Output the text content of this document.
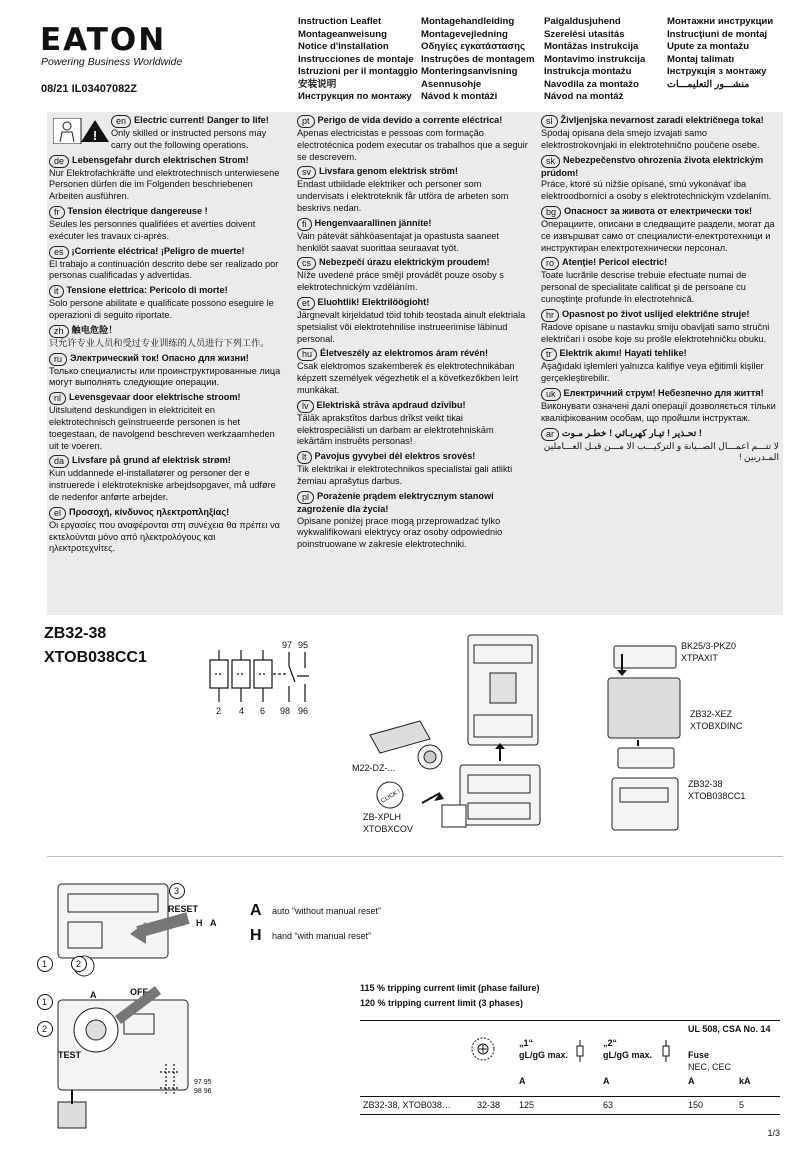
EATON
Powering Business Worldwide
08/21 IL03407082Z
Instruction Leaflet
Montageanweisung
Notice d'installation
Instrucciones de montaje
Istruzioni per il montaggio
安装说明
Инструкция по монтажу
Montagehandleiding
Montagevejledning
Οδηγίες εγκατάστασης
Instruções de montagem
Monteringsanvisning
Asennusohje
Návod k montáži
Paigaldusjuhend
Szerelési utasítás
Montāžas instrukcija
Montavimo instrukcija
Instrukcja montażu
Navodila za montažo
Návod na montáž
Монтажни инструкции
Instrucţiuni de montaj
Upute za montažu
Montaj talimatı
Інструкція з монтажу
منشـــور التعليمـــات
!
en Electric current! Danger to life!
Only skilled or instructed persons may carry out the following operations.
de Lebensgefahr durch elektrischen Strom!
Nur Elektrofachkräfte und elektrotechnisch unterwiesene Personen dürfen die im Folgenden beschriebenen Arbeiten ausführen.
fr Tension électrique dangereuse !
Seules les personnes qualifiées et averties doivent exécuter les travaux ci-après.
es ¡Corriente eléctrica! ¡Peligro de muerte!
El trabajo a continuación descrito debe ser realizado por personas cualificadas y advertidas.
it Tensione elettrica: Pericolo di morte!
Solo persone abilitate e qualificate possono eseguire le operazioni di seguito riportate.
zh 触电危险！
只允许专业人员和受过专业训练的人员进行下列工作。
ru Электрический ток! Опасно для жизни!
Только специалисты или проинструктированные лица могут выполнять следующие операции.
nl Levensgevaar door elektrische stroom!
Uitsluitend deskundigen in elektriciteit en elektrotechnisch geïnstrueerde personen is het toegestaan, de navolgend beschreven werkzaamheden uit te voeren.
da Livsfare på grund af elektrisk strøm!
Kun uddannede el-installatører og personer der e instruerede i elektrotekniske arbejdsopgaver, må udføre de nedenfor anførte arbejder.
el Προσοχή, κίνδυνος ηλεκτροπληξίας!
Οι εργασίες που αναφέρονται στη συνέχεια θα πρέπει να εκτελούνται μόνο από ηλεκτρολόγους και ηλεκτροτεχνίτες.
pt Perigo de vida devido a corrente eléctrica!
Apenas electricistas e pessoas com formação electrotécnica podem executar os trabalhos que a seguir se descrevem.
sv Livsfara genom elektrisk ström!
Endast utbildade elektriker och personer som undervisats i elektroteknik får utföra de arbeten som beskrivs nedan.
fi Hengenvaarallinen jännite!
Vain pätevät sähköasentajat ja opastusta saaneet henkilöt saavat suorittaa seuraavat työt.
cs Nebezpečí úrazu elektrickým proudem!
Níže uvedené práce smějí provádět pouze osoby s elektrotechnickým vzděláním.
et Eluohtlik! Elektrilöögioht!
Järgnevalt kirjeldatud töid tohib teostada ainult elektriala spetsialist või elektrotehnilise instrueerimise läbinud personal.
hu Életveszély az elektromos áram révén!
Csak elektromos szakemberek és elektrotechnikában képzett személyek végezhetik el a következőkben leírt munkákat.
lv Elektriskā strāva apdraud dzīvību!
Tālāk aprakstītos darbus drīkst veikt tikai elektrospeciālisti un darbam ar elektrotehniskām iekārtām instruēts personas!
lt Pavojus gyvybei dėl elektros srovės!
Tik elektrikai ir elektrotechnikos specialistai gali atlikti žemiau aprašytus darbus.
pl Porażenie prądem elektrycznym stanowi zagrożenie dla życia!
Opisane poniżej prace mogą przeprowadzać tylko wykwalifikowani elektrycy oraz osoby odpowiednio poinstruowane w zakresie elektrotechniki.
sl Življenjska nevarnost zaradi električnega toka!
Spodaj opisana dela smejo izvajati samo elektrostrokovnjaki in elektrotehnično poučene osebe.
sk Nebezpečenstvo ohrozenia života elektrickým prúdom!
Práce, ktoré sú nižšie opísané, smú vykonávať iba elektroodborníci a osoby s elektrotechnickým vzdelaním.
bg Опасност за живота от електрически ток!
Операциите, описани в следващите раздели, могат да се извършват само от специалисти-електротехници и инструктиран електротехнически персонал.
ro Atenţie! Pericol electric!
Toate lucrările descrise trebuie efectuate numai de personal de specialitate calificat şi de persoane cu cunoştinţe profunde în electrotehnică.
hr Opasnost po život uslijed električne struje!
Radove opisane u nastavku smiju obavljati samo stručni električari i osobe koje su prošle elektrotehničku obuku.
tr Elektrik akımı! Hayati tehlike!
Aşağıdaki işlemleri yalnızca kalifiye veya eğitimli kişiler gerçekleştirebilir.
uk Електричний струм! Небезпечно для життя!
Виконувати означені далі операції дозволяється тільки кваліфікованим особам, що пройшли інструктаж.
ar تحـذير ! تيـار كهربـائي ! خطـر مـوت !
لا تتـــم اعمـــال الصــيانة و التركيـــب الا مـــن قبـل العـــاملين المـدربين !
ZB32-38
XTOB038CC1
97 95
2 4 6 98 96
CLICK !
M22-DZ-...
ZB-XPLH
XTOBXCOV
BK25/3-PKZ0
XTPAXIT
ZB32-XEZ
XTOBXDINC
ZB32-38
XTOB038CC1
1	2
3
RESET
H A
1
2
A	OFF
TEST
97 95
98 96
A auto “without manual reset”
H hand “with manual reset”
115 % tripping current limit (phase failure)
120 % tripping current limit (3 phases)
UL 508, CSA No. 14
„1“
gL/gG max.
„2“
gL/gG max.	Fuse
NEC, CEC
A	A	A	kA
ZB32-38, XTOB038…	32-38 125	63	150	5
1/3
